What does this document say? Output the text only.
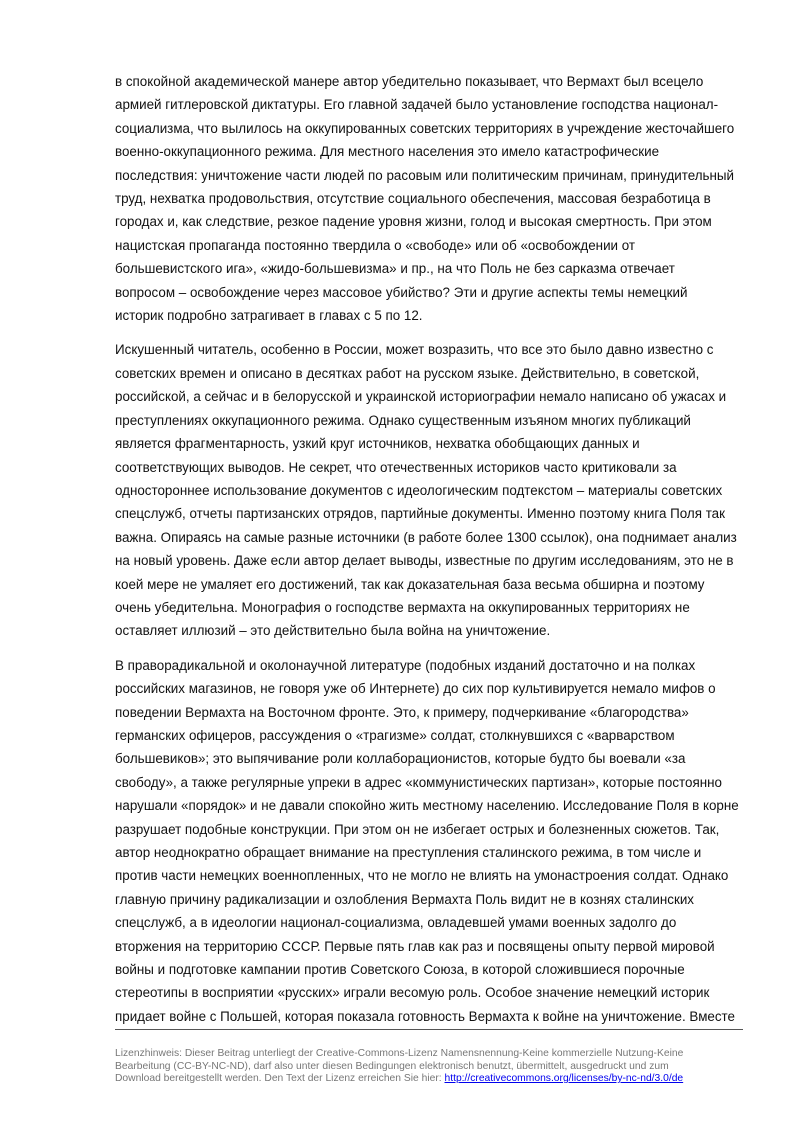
в спокойной академической манере автор убедительно показывает, что Вермахт был всецело
армией гитлеровской диктатуры. Его главной задачей было установление господства национал-
социализма, что вылилось на оккупированных советских территориях в учреждение жесточайшего
военно-оккупационного режима. Для местного населения это имело катастрофические
последствия: уничтожение части людей по расовым или политическим причинам, принудительный
труд, нехватка продовольствия, отсутствие социального обеспечения, массовая безработица в
городах и, как следствие, резкое падение уровня жизни, голод и высокая смертность. При этом
нацистская пропаганда постоянно твердила о «свободе» или об «освобождении от
большевистского ига», «жидо-большевизма» и пр., на что Поль не без сарказма отвечает
вопросом – освобождение через массовое убийство? Эти и другие аспекты темы немецкий
историк подробно затрагивает в главах с 5 по 12.

Искушенный читатель, особенно в России, может возразить, что все это было давно известно с
советских времен и описано в десятках работ на русском языке. Действительно, в советской,
российской, а сейчас и в белорусской и украинской историографии немало написано об ужасах и
преступлениях оккупационного режима. Однако существенным изъяном многих публикаций
является фрагментарность, узкий круг источников, нехватка обобщающих данных и
соответствующих выводов. Не секрет, что отечественных историков часто критиковали за
одностороннее использование документов с идеологическим подтекстом – материалы советских
спецслужб, отчеты партизанских отрядов, партийные документы. Именно поэтому книга Поля так
важна. Опираясь на самые разные источники (в работе более 1300 ссылок), она поднимает анализ
на новый уровень. Даже если автор делает выводы, известные по другим исследованиям, это не в
коей мере не умаляет его достижений, так как доказательная база весьма обширна и поэтому
очень убедительна. Монография о господстве вермахта на оккупированных территориях не
оставляет иллюзий – это действительно была война на уничтожение.

В праворадикальной и околонаучной литературе (подобных изданий достаточно и на полках
российских магазинов, не говоря уже об Интернете) до сих пор культивируется немало мифов о
поведении Вермахта на Восточном фронте. Это, к примеру, подчеркивание «благородства»
германских офицеров, рассуждения о «трагизме» солдат, столкнувшихся с «варварством
большевиков»; это выпячивание роли коллаборационистов, которые будто бы воевали «за
свободу», а также регулярные упреки в адрес «коммунистических партизан», которые постоянно
нарушали «порядок» и не давали спокойно жить местному населению. Исследование Поля в корне
разрушает подобные конструкции. При этом он не избегает острых и болезненных сюжетов. Так,
автор неоднократно обращает внимание на преступления сталинского режима, в том числе и
против части немецких военнопленных, что не могло не влиять на умонастроения солдат. Однако
главную причину радикализации и озлобления Вермахта Поль видит не в кознях сталинских
спецслужб, а в идеологии национал-социализма, овладевшей умами военных задолго до
вторжения на территорию СССР. Первые пять глав как раз и посвящены опыту первой мировой
войны и подготовке кампании против Советского Союза, в которой сложившиеся порочные
стереотипы в восприятии «русских» играли весомую роль. Особое значение немецкий историк
придает войне с Польшей, которая показала готовность Вермахта к войне на уничтожение. Вместе

Lizenzhinweis: Dieser Beitrag unterliegt der Creative-Commons-Lizenz Namensnennung-Keine kommerzielle Nutzung-Keine
Bearbeitung (CC-BY-NC-ND), darf also unter diesen Bedingungen elektronisch benutzt, übermittelt, ausgedruckt und zum
Download bereitgestellt werden. Den Text der Lizenz erreichen Sie hier: http://creativecommons.org/licenses/by-nc-nd/3.0/de
